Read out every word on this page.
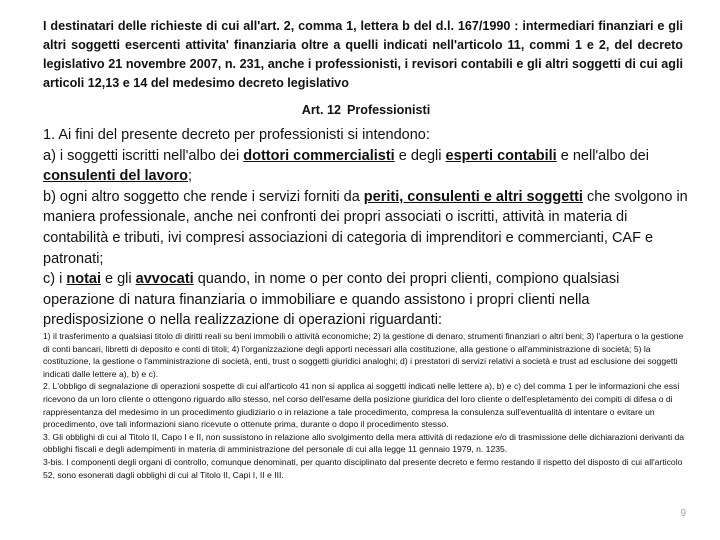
I destinatari delle richieste di cui all'art. 2, comma 1, lettera b del d.l. 167/1990 : intermediari finanziari e gli altri soggetti esercenti attivita' finanziaria oltre a quelli indicati nell'articolo 11, commi 1 e 2, del decreto legislativo 21 novembre 2007, n. 231, anche i professionisti, i revisori contabili e gli altri soggetti di cui agli articoli 12,13 e 14 del medesimo decreto legislativo
Art. 12 Professionisti

1. Ai fini del presente decreto per professionisti si intendono:

a) i soggetti iscritti nell'albo dei dottori commercialisti e degli esperti contabili e nell'albo dei consulenti del lavoro;

b) ogni altro soggetto che rende i servizi forniti da periti, consulenti e altri soggetti che svolgono in maniera professionale, anche nei confronti dei propri associati o iscritti, attività in materia di contabilità e tributi, ivi compresi associazioni di categoria di imprenditori e commercianti, CAF e patronati;

c) i notai e gli avvocati quando, in nome o per conto dei propri clienti, compiono qualsiasi operazione di natura finanziaria o immobiliare e quando assistono i propri clienti nella predisposizione o nella realizzazione di operazioni riguardanti:

1) il trasferimento a qualsiasi titolo di diritti reali su beni immobili o attività economiche; 2) la gestione di denaro, strumenti finanziari o altri beni; 3) l'apertura o la gestione di conti bancari, libretti di deposito e conti di titoli; 4) l'organizzazione degli apporti necessari alla costituzione, alla gestione o all'amministrazione di società; 5) la costituzione, la gestione o l'amministrazione di società, enti, trust o soggetti giuridici analoghi; d) i prestatori di servizi relativi a società e trust ad esclusione dei soggetti indicati dalle lettere a), b) e c).

2. L'obbligo di segnalazione di operazioni sospette di cui all'articolo 41 non si applica ai soggetti indicati nelle lettere a), b) e c) del comma 1 per le informazioni che essi ricevono da un loro cliente o ottengono riguardo allo stesso, nel corso dell'esame della posizione giuridica del loro cliente o dell'espletamento dei compiti di difesa o di rappresentanza del medesimo in un procedimento giudiziario o in relazione a tale procedimento, compresa la consulenza sull'eventualità di intentare o evitare un procedimento, ove tali informazioni siano ricevute o ottenute prima, durante o dopo il procedimento stesso.

3. Gli obblighi di cui al Titolo II, Capo I e II, non sussistono in relazione allo svolgimento della mera attività di redazione e/o di trasmissione delle dichiarazioni derivanti da obblighi fiscali e degli adempimenti in materia di amministrazione del personale di cui alla legge 11 gennaio 1979, n. 1235.

3-bis. I componenti degli organi di controllo, comunque denominati, per quanto disciplinato dal presente decreto e fermo restando il rispetto del disposto di cui all'articolo 52, sono esonerati dagli obblighi di cui al Titolo II, Capi I, II e III.

9
